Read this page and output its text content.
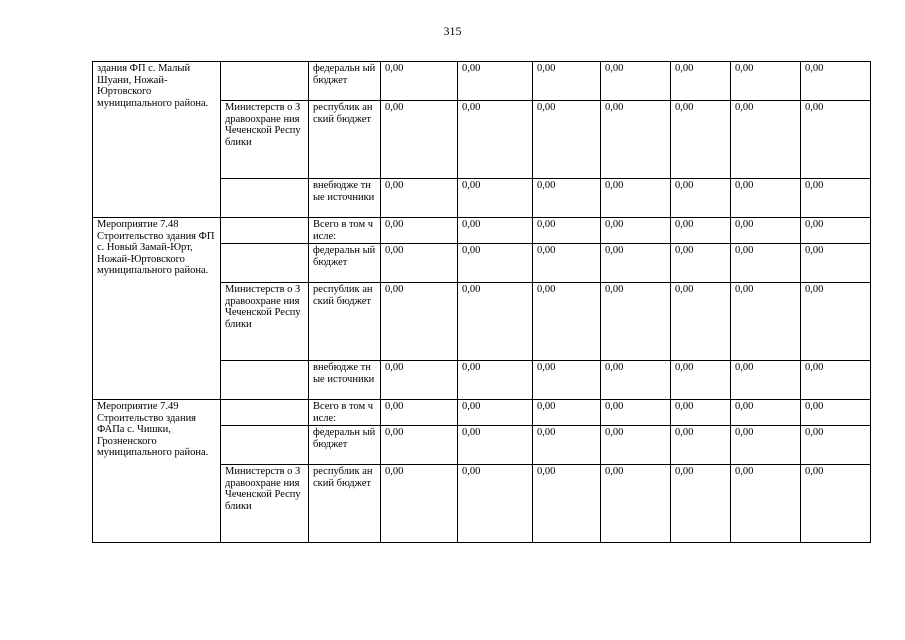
315
здания ФП с. Малый Шуани, Ножай-Юртовского муниципального района.		федеральн ый бюджет	0,00	0,00	0,00	0,00	0,00	0,00	0,00
	Министерств о Здравоохране ния Чеченской Республики	республик анский бюджет	0,00	0,00	0,00	0,00	0,00	0,00	0,00
		внебюдже тные источники	0,00	0,00	0,00	0,00	0,00	0,00	0,00
Мероприятие 7.48 Строительство здания ФП с. Новый Замай-Юрт, Ножай-Юртовского муниципального района.		Всего в том числе:	0,00	0,00	0,00	0,00	0,00	0,00	0,00
		федеральн ый бюджет	0,00	0,00	0,00	0,00	0,00	0,00	0,00
	Министерств о Здравоохране ния Чеченской Республики	республик анский бюджет	0,00	0,00	0,00	0,00	0,00	0,00	0,00
		внебюдже тные источники	0,00	0,00	0,00	0,00	0,00	0,00	0,00
Мероприятие 7.49 Строительство здания ФАПа с. Чишки, Грозненского муниципального района.		Всего в том числе:	0,00	0,00	0,00	0,00	0,00	0,00	0,00
		федеральн ый бюджет	0,00	0,00	0,00	0,00	0,00	0,00	0,00
	Министерств о Здравоохране ния Чеченской Республики	республик анский бюджет	0,00	0,00	0,00	0,00	0,00	0,00	0,00
